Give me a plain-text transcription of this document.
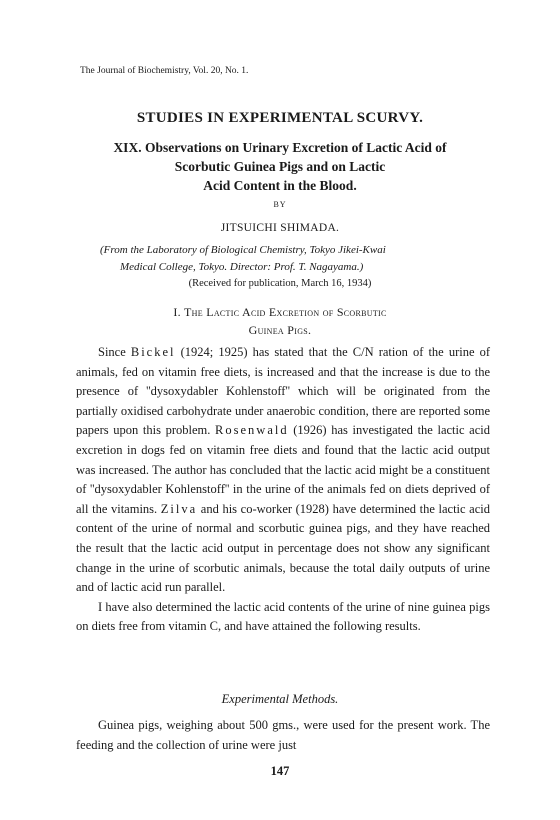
The Journal of Biochemistry, Vol. 20, No. 1.

STUDIES IN EXPERIMENTAL SCURVY.

XIX. Observations on Urinary Excretion of Lactic Acid of
Scorbutic Guinea Pigs and on Lactic
Acid Content in the Blood.

BY

JITSUICHI SHIMADA.

(From the Laboratory of Biological Chemistry, Tokyo Jikei-Kwai
Medical College, Tokyo. Director: Prof. T. Nagayama.)

(Received for publication, March 16, 1934)

I. The Lactic Acid Excretion of Scorbutic
Guinea Pigs.

Since Bickel (1924; 1925) has stated that the C/N ration of the urine of animals, fed on vitamin free diets, is increased and that the increase is due to the presence of ''dysoxydabler Kohlenstoff'' which will be originated from the partially oxidised carbohydrate under anaerobic condition, there are reported some papers upon this problem. Rosenwald (1926) has investigated the lactic acid excretion in dogs fed on vitamin free diets and found that the lactic acid output was increased. The author has concluded that the lactic acid might be a constituent of ''dysoxydabler Kohlenstoff'' in the urine of the animals fed on diets deprived of all the vitamins. Zilva and his co-worker (1928) have determined the lactic acid content of the urine of normal and scorbutic guinea pigs, and they have reached the result that the lactic acid output in percentage does not show any significant change in the urine of scorbutic animals, because the total daily outputs of urine and of lactic acid run parallel.

I have also determined the lactic acid contents of the urine of nine guinea pigs on diets free from vitamin C, and have attained the following results.

Experimental Methods.

Guinea pigs, weighing about 500 gms., were used for the present work. The feeding and the collection of urine were just

147
